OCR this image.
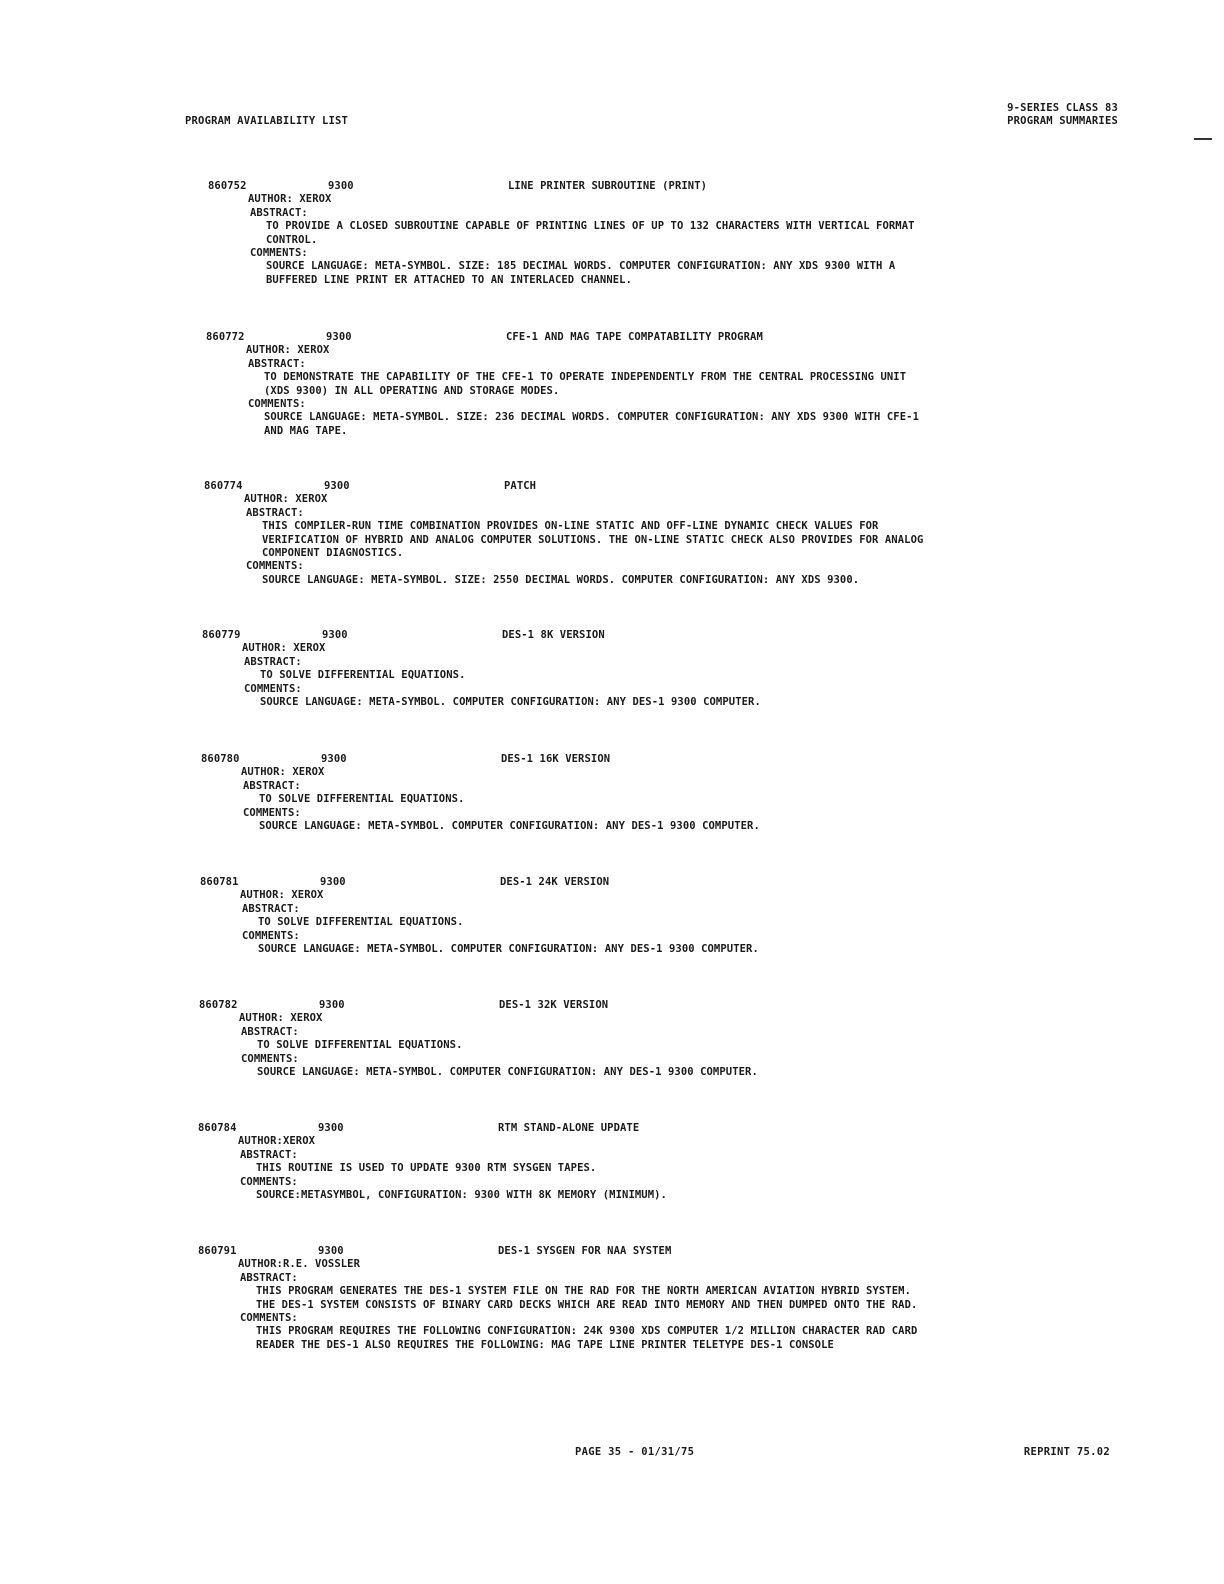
PROGRAM AVAILABILITY LIST
9-SERIES CLASS 83
PROGRAM SUMMARIES
860752	9300	LINE PRINTER SUBROUTINE (PRINT)
AUTHOR: XEROX
ABSTRACT:
TO PROVIDE A CLOSED SUBROUTINE CAPABLE OF PRINTING LINES OF UP TO 132 CHARACTERS WITH VERTICAL FORMAT
CONTROL.
COMMENTS:
SOURCE LANGUAGE: META-SYMBOL. SIZE: 185 DECIMAL WORDS. COMPUTER CONFIGURATION: ANY XDS 9300 WITH A
BUFFERED LINE PRINT ER ATTACHED TO AN INTERLACED CHANNEL.
860772	9300	CFE-1 AND MAG TAPE COMPATABILITY PROGRAM
AUTHOR: XEROX
ABSTRACT:
TO DEMONSTRATE THE CAPABILITY OF THE CFE-1 TO OPERATE INDEPENDENTLY FROM THE CENTRAL PROCESSING UNIT
(XDS 9300) IN ALL OPERATING AND STORAGE MODES.
COMMENTS:
SOURCE LANGUAGE: META-SYMBOL. SIZE: 236 DECIMAL WORDS. COMPUTER CONFIGURATION: ANY XDS 9300 WITH CFE-1
AND MAG TAPE.
860774	9300	PATCH
AUTHOR: XEROX
ABSTRACT:
THIS COMPILER-RUN TIME COMBINATION PROVIDES ON-LINE STATIC AND OFF-LINE DYNAMIC CHECK VALUES FOR
VERIFICATION OF HYBRID AND ANALOG COMPUTER SOLUTIONS. THE ON-LINE STATIC CHECK ALSO PROVIDES FOR ANALOG
COMPONENT DIAGNOSTICS.
COMMENTS:
SOURCE LANGUAGE: META-SYMBOL. SIZE: 2550 DECIMAL WORDS. COMPUTER CONFIGURATION: ANY XDS 9300.
860779	9300	DES-1 8K VERSION
AUTHOR: XEROX
ABSTRACT:
TO SOLVE DIFFERENTIAL EQUATIONS.
COMMENTS:
SOURCE LANGUAGE: META-SYMBOL. COMPUTER CONFIGURATION: ANY DES-1 9300 COMPUTER.
860780	9300	DES-1 16K VERSION
AUTHOR: XEROX
ABSTRACT:
TO SOLVE DIFFERENTIAL EQUATIONS.
COMMENTS:
SOURCE LANGUAGE: META-SYMBOL. COMPUTER CONFIGURATION: ANY DES-1 9300 COMPUTER.
860781	9300	DES-1 24K VERSION
AUTHOR: XEROX
ABSTRACT:
TO SOLVE DIFFERENTIAL EQUATIONS.
COMMENTS:
SOURCE LANGUAGE: META-SYMBOL. COMPUTER CONFIGURATION: ANY DES-1 9300 COMPUTER.
860782	9300	DES-1 32K VERSION
AUTHOR: XEROX
ABSTRACT:
TO SOLVE DIFFERENTIAL EQUATIONS.
COMMENTS:
SOURCE LANGUAGE: META-SYMBOL. COMPUTER CONFIGURATION: ANY DES-1 9300 COMPUTER.
860784	9300	RTM STAND-ALONE UPDATE
AUTHOR:XEROX
ABSTRACT:
THIS ROUTINE IS USED TO UPDATE 9300 RTM SYSGEN TAPES.
COMMENTS:
SOURCE:METASYMBOL, CONFIGURATION: 9300 WITH 8K MEMORY (MINIMUM).
860791	9300	DES-1 SYSGEN FOR NAA SYSTEM
AUTHOR:R.E. VOSSLER
ABSTRACT:
THIS PROGRAM GENERATES THE DES-1 SYSTEM FILE ON THE RAD FOR THE NORTH AMERICAN AVIATION HYBRID SYSTEM.
THE DES-1 SYSTEM CONSISTS OF BINARY CARD DECKS WHICH ARE READ INTO MEMORY AND THEN DUMPED ONTO THE RAD.
COMMENTS:
THIS PROGRAM REQUIRES THE FOLLOWING CONFIGURATION: 24K 9300 XDS COMPUTER 1/2 MILLION CHARACTER RAD CARD
READER THE DES-1 ALSO REQUIRES THE FOLLOWING: MAG TAPE LINE PRINTER TELETYPE DES-1 CONSOLE
PAGE 35 - 01/31/75	REPRINT 75.02
